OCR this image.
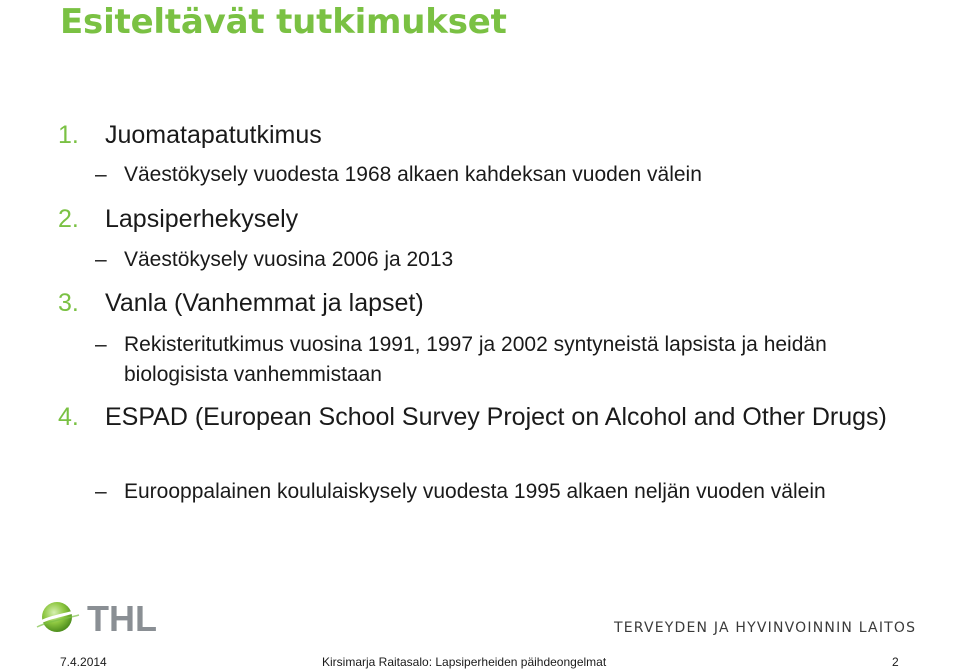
Esiteltävät tutkimukset
1.	Juomatapatutkimus
– Väestökysely vuodesta 1968 alkaen kahdeksan vuoden välein
2.	Lapsiperhekysely
– Väestökysely vuosina 2006 ja 2013
3.	Vanla (Vanhemmat ja lapset)
– Rekisteritutkimus vuosina 1991, 1997 ja 2002 syntyneistä lapsista ja heidän biologisista vanhemmistaan
4.	ESPAD (European School Survey Project on Alcohol and Other Drugs)
– Eurooppalainen koululaiskysely vuodesta 1995 alkaen neljän vuoden välein
THL	TERVEYDEN JA HYVINVOINNIN LAITOS
7.4.2014	Kirsimarja Raitasalo: Lapsiperheiden päihdeongelmat	2
